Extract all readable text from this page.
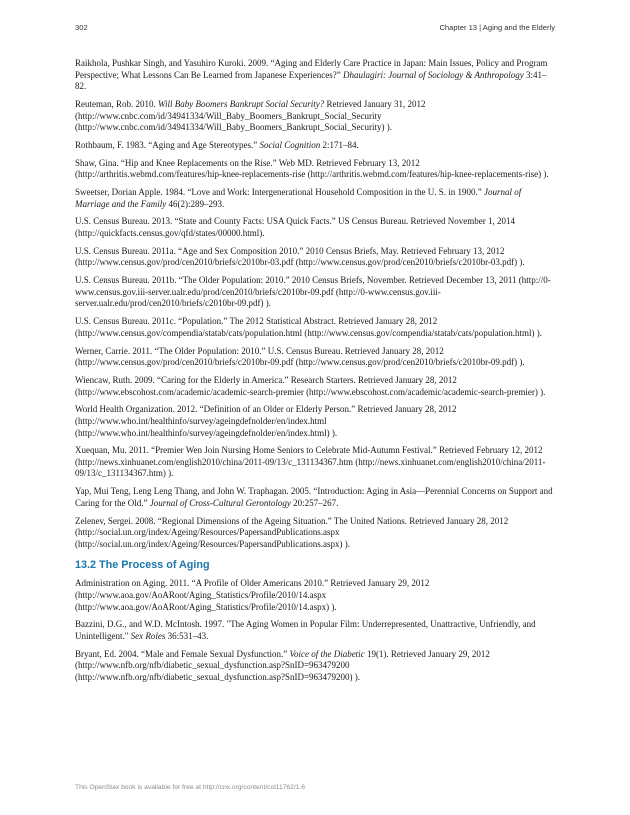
302	Chapter 13 | Aging and the Elderly

Raikhola, Pushkar Singh, and Yasuhiro Kuroki. 2009. “Aging and Elderly Care Practice in Japan: Main Issues, Policy and Program Perspective; What Lessons Can Be Learned from Japanese Experiences?” Dhaulagiri: Journal of Sociology & Anthropology 3:41–82.

Reuteman, Rob. 2010. Will Baby Boomers Bankrupt Social Security? Retrieved January 31, 2012 (http://www.cnbc.com/id/34941334/Will_Baby_Boomers_Bankrupt_Social_Security (http://www.cnbc.com/id/34941334/Will_Baby_Boomers_Bankrupt_Social_Security) ).

Rothbaum, F. 1983. “Aging and Age Stereotypes.” Social Cognition 2:171–84.

Shaw, Gina. “Hip and Knee Replacements on the Rise.” Web MD. Retrieved February 13, 2012 (http://arthritis.webmd.com/features/hip-knee-replacements-rise (http://arthritis.webmd.com/features/hip-knee-replacements-rise) ).

Sweetser, Dorian Apple. 1984. “Love and Work: Intergenerational Household Composition in the U. S. in 1900.” Journal of Marriage and the Family 46(2):289–293.

U.S. Census Bureau. 2013. “State and County Facts: USA Quick Facts.” US Census Bureau. Retrieved November 1, 2014 (http://quickfacts.census.gov/qfd/states/00000.html).

U.S. Census Bureau. 2011a. “Age and Sex Composition 2010.” 2010 Census Briefs, May. Retrieved February 13, 2012 (http://www.census.gov/prod/cen2010/briefs/c2010br-03.pdf (http://www.census.gov/prod/cen2010/briefs/c2010br-03.pdf) ).

U.S. Census Bureau. 2011b. “The Older Population: 2010.” 2010 Census Briefs, November. Retrieved December 13, 2011 (http://0-www.census.gov.iii-server.ualr.edu/prod/cen2010/briefs/c2010br-09.pdf (http://0-www.census.gov.iii-server.ualr.edu/prod/cen2010/briefs/c2010br-09.pdf) ).

U.S. Census Bureau. 2011c. “Population.” The 2012 Statistical Abstract. Retrieved January 28, 2012 (http://www.census.gov/compendia/statab/cats/population.html (http://www.census.gov/compendia/statab/cats/population.html) ).

Werner, Carrie. 2011. “The Older Population: 2010.” U.S. Census Bureau. Retrieved January 28, 2012 (http://www.census.gov/prod/cen2010/briefs/c2010br-09.pdf (http://www.census.gov/prod/cen2010/briefs/c2010br-09.pdf) ).

Wiencaw, Ruth. 2009. “Caring for the Elderly in America.” Research Starters. Retrieved January 28, 2012 (http://www.ebscohost.com/academic/academic-search-premier (http://www.ebscohost.com/academic/academic-search-premier) ).

World Health Organization. 2012. “Definition of an Older or Elderly Person.” Retrieved January 28, 2012 (http://www.who.int/healthinfo/survey/ageingdefnolder/en/index.html (http://www.who.int/healthinfo/survey/ageingdefnolder/en/index.html) ).

Xuequan, Mu. 2011. “Premier Wen Join Nursing Home Seniors to Celebrate Mid-Autumn Festival.” Retrieved February 12, 2012 (http://news.xinhuanet.com/english2010/china/2011-09/13/c_131134367.htm (http://news.xinhuanet.com/english2010/china/2011-09/13/c_131134367.htm) ).

Yap, Mui Teng, Leng Leng Thang, and John W. Traphagan. 2005. “Introduction: Aging in Asia—Perennial Concerns on Support and Caring for the Old.” Journal of Cross-Cultural Gerontology 20:257–267.

Zelenev, Sergei. 2008. “Regional Dimensions of the Ageing Situation.” The United Nations. Retrieved January 28, 2012 (http://social.un.org/index/Ageing/Resources/PapersandPublications.aspx (http://social.un.org/index/Ageing/Resources/PapersandPublications.aspx) ).

13.2 The Process of Aging

Administration on Aging. 2011. “A Profile of Older Americans 2010.” Retrieved January 29, 2012 (http://www.aoa.gov/AoARoot/Aging_Statistics/Profile/2010/14.aspx (http://www.aoa.gov/AoARoot/Aging_Statistics/Profile/2010/14.aspx) ).

Bazzini, D.G., and W.D. McIntosh. 1997. "The Aging Women in Popular Film: Underrepresented, Unattractive, Unfriendly, and Unintelligent." Sex Roles 36:531–43.

Bryant, Ed. 2004. “Male and Female Sexual Dysfunction.” Voice of the Diabetic 19(1). Retrieved January 29, 2012 (http://www.nfb.org/nfb/diabetic_sexual_dysfunction.asp?SnID=963479200 (http://www.nfb.org/nfb/diabetic_sexual_dysfunction.asp?SnID=963479200) ).

This OpenStax book is available for free at http://cnx.org/content/col11762/1.6
